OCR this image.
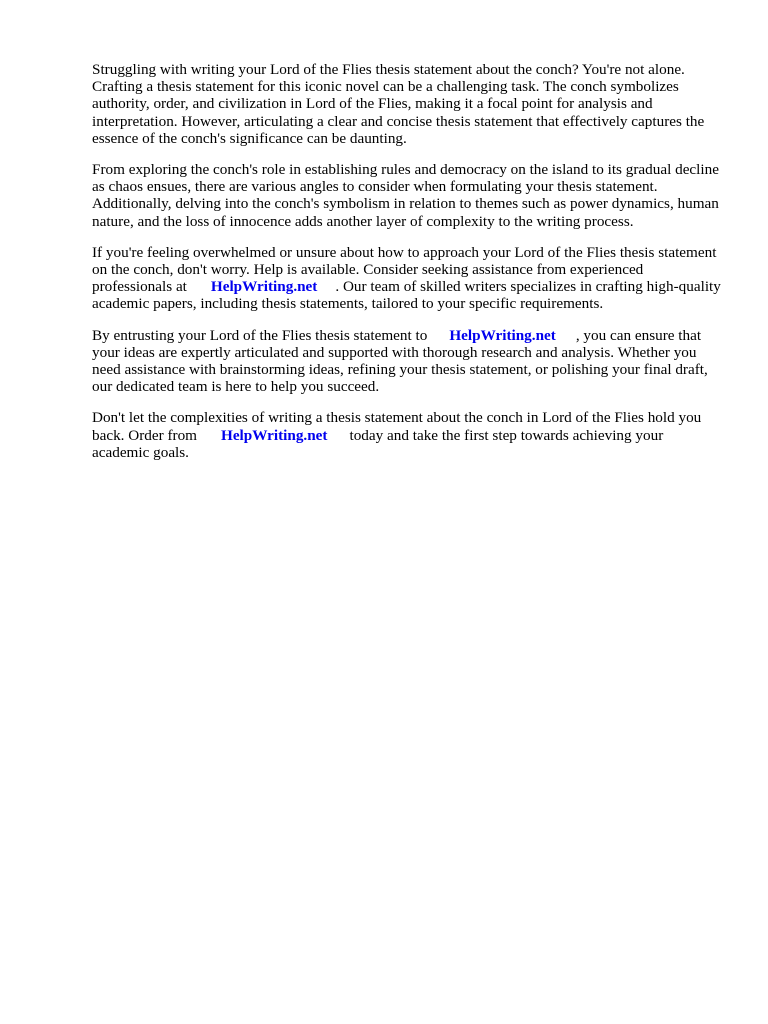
Struggling with writing your Lord of the Flies thesis statement about the conch? You're not alone. Crafting a thesis statement for this iconic novel can be a challenging task. The conch symbolizes authority, order, and civilization in Lord of the Flies, making it a focal point for analysis and interpretation. However, articulating a clear and concise thesis statement that effectively captures the essence of the conch's significance can be daunting.

From exploring the conch's role in establishing rules and democracy on the island to its gradual decline as chaos ensues, there are various angles to consider when formulating your thesis statement. Additionally, delving into the conch's symbolism in relation to themes such as power dynamics, human nature, and the loss of innocence adds another layer of complexity to the writing process.

If you're feeling overwhelmed or unsure about how to approach your Lord of the Flies thesis statement on the conch, don't worry. Help is available. Consider seeking assistance from experienced professionals at HelpWriting.net . Our team of skilled writers specializes in crafting high-quality academic papers, including thesis statements, tailored to your specific requirements.

By entrusting your Lord of the Flies thesis statement to HelpWriting.net , you can ensure that your ideas are expertly articulated and supported with thorough research and analysis. Whether you need assistance with brainstorming ideas, refining your thesis statement, or polishing your final draft, our dedicated team is here to help you succeed.

Don't let the complexities of writing a thesis statement about the conch in Lord of the Flies hold you back. Order from HelpWriting.net today and take the first step towards achieving your academic goals.
